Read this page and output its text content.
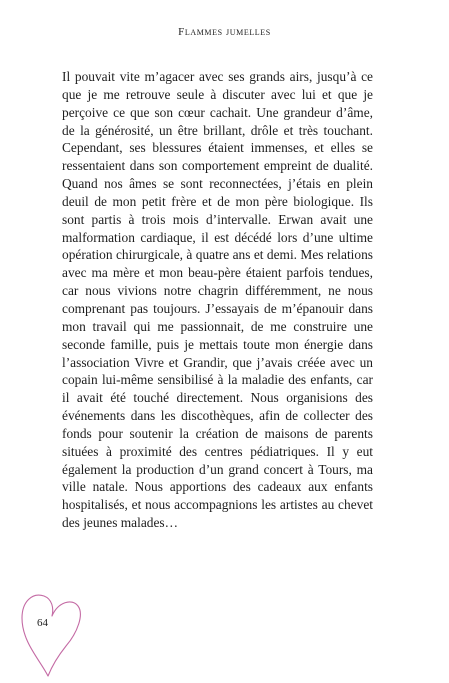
Flammes jumelles

Il pouvait vite m’agacer avec ses grands airs, jusqu’à ce que je me retrouve seule à discuter avec lui et que je perçoive ce que son cœur cachait. Une grandeur d’âme, de la générosité, un être brillant, drôle et très touchant. Cependant, ses blessures étaient immenses, et elles se ressentaient dans son comportement empreint de dualité. Quand nos âmes se sont reconnectées, j’étais en plein deuil de mon petit frère et de mon père biologique. Ils sont partis à trois mois d’intervalle. Erwan avait une malformation cardiaque, il est décédé lors d’une ultime opération chirurgicale, à quatre ans et demi. Mes relations avec ma mère et mon beau-père étaient parfois tendues, car nous vivions notre chagrin différemment, ne nous comprenant pas toujours. J’essayais de m’épanouir dans mon travail qui me passionnait, de me construire une seconde famille, puis je mettais toute mon énergie dans l’association Vivre et Grandir, que j’avais créée avec un copain lui-même sensibilisé à la maladie des enfants, car il avait été touché directement. Nous organisions des événements dans les discothèques, afin de collecter des fonds pour soutenir la création de maisons de parents situées à proximité des centres pédiatriques. Il y eut également la production d’un grand concert à Tours, ma ville natale. Nous apportions des cadeaux aux enfants hospitalisés, et nous accompagnions les artistes au chevet des jeunes malades…

64
